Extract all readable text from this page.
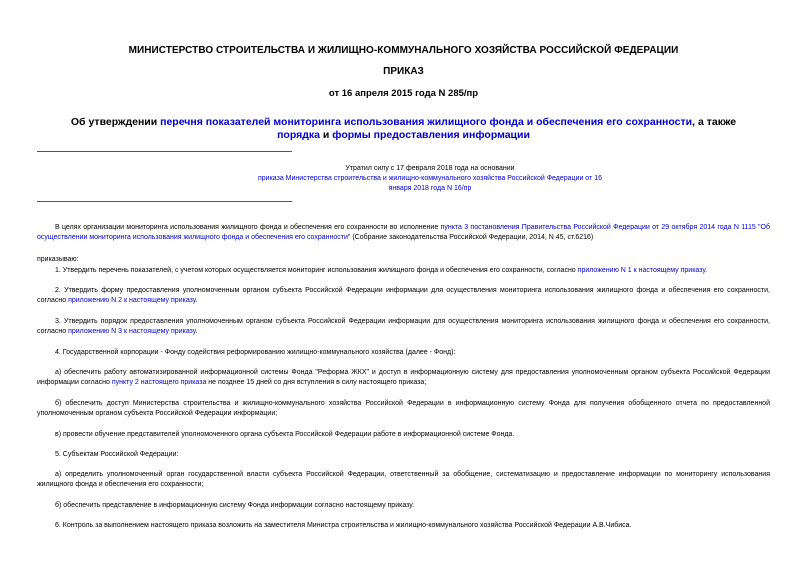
МИНИСТЕРСТВО СТРОИТЕЛЬСТВА И ЖИЛИЩНО-КОММУНАЛЬНОГО ХОЗЯЙСТВА РОССИЙСКОЙ ФЕДЕРАЦИИ
ПРИКАЗ
от 16 апреля 2015 года N 285/пр
Об утверждении перечня показателей мониторинга использования жилищного фонда и обеспечения его сохранности, а также порядка и формы предоставления информации
Утратил силу с 17 февраля 2018 года на основании
приказа Министерства строительства и жилищно-коммунального хозяйства Российской Федерации от 16 января 2018 года N 16/пр
В целях организации мониторинга использования жилищного фонда и обеспечения его сохранности во исполнение пункта 3 постановления Правительства Российской Федерации от 29 октября 2014 года N 1115 "Об осуществлении мониторинга использования жилищного фонда и обеспечения его сохранности" (Собрание законодательства Российской Федерации, 2014, N 45, ст.6216)
приказываю:
1. Утвердить перечень показателей, с учетом которых осуществляется мониторинг использования жилищного фонда и обеспечения его сохранности, согласно приложению N 1 к настоящему приказу.
2. Утвердить форму предоставления уполномоченным органом субъекта Российской Федерации информации для осуществления мониторинга использования жилищного фонда и обеспечения его сохранности, согласно приложению N 2 к настоящему приказу.
3. Утвердить порядок предоставления уполномоченным органом субъекта Российской Федерации информации для осуществления мониторинга использования жилищного фонда и обеспечения его сохранности, согласно приложению N 3 к настоящему приказу.
4. Государственной корпорации - Фонду содействия реформированию жилищно-коммунального хозяйства (далее - Фонд):
а) обеспечить работу автоматизированной информационной системы Фонда "Реформа ЖКХ" и доступ в информационную систему для предоставления уполномоченным органом субъекта Российской Федерации информации согласно пункту 2 настоящего приказа не позднее 15 дней со дня вступления в силу настоящего приказа;
б) обеспечить доступ Министерства строительства и жилищно-коммунального хозяйства Российской Федерации в информационную систему Фонда для получения обобщенного отчета по предоставленной уполномоченным органом субъекта Российской Федерации информации;
в) провести обучение представителей уполномоченного органа субъекта Российской Федерации работе в информационной системе Фонда.
5. Субъектам Российской Федерации:
а) определить уполномоченный орган государственной власти субъекта Российской Федерации, ответственный за обобщение, систематизацию и предоставление информации по мониторингу использования жилищного фонда и обеспечения его сохранности;
б) обеспечить представление в информационную систему Фонда информации согласно настоящему приказу.
6. Контроль за выполнением настоящего приказа возложить на заместителя Министра строительства и жилищно-коммунального хозяйства Российской Федерации А.В.Чибиса.
